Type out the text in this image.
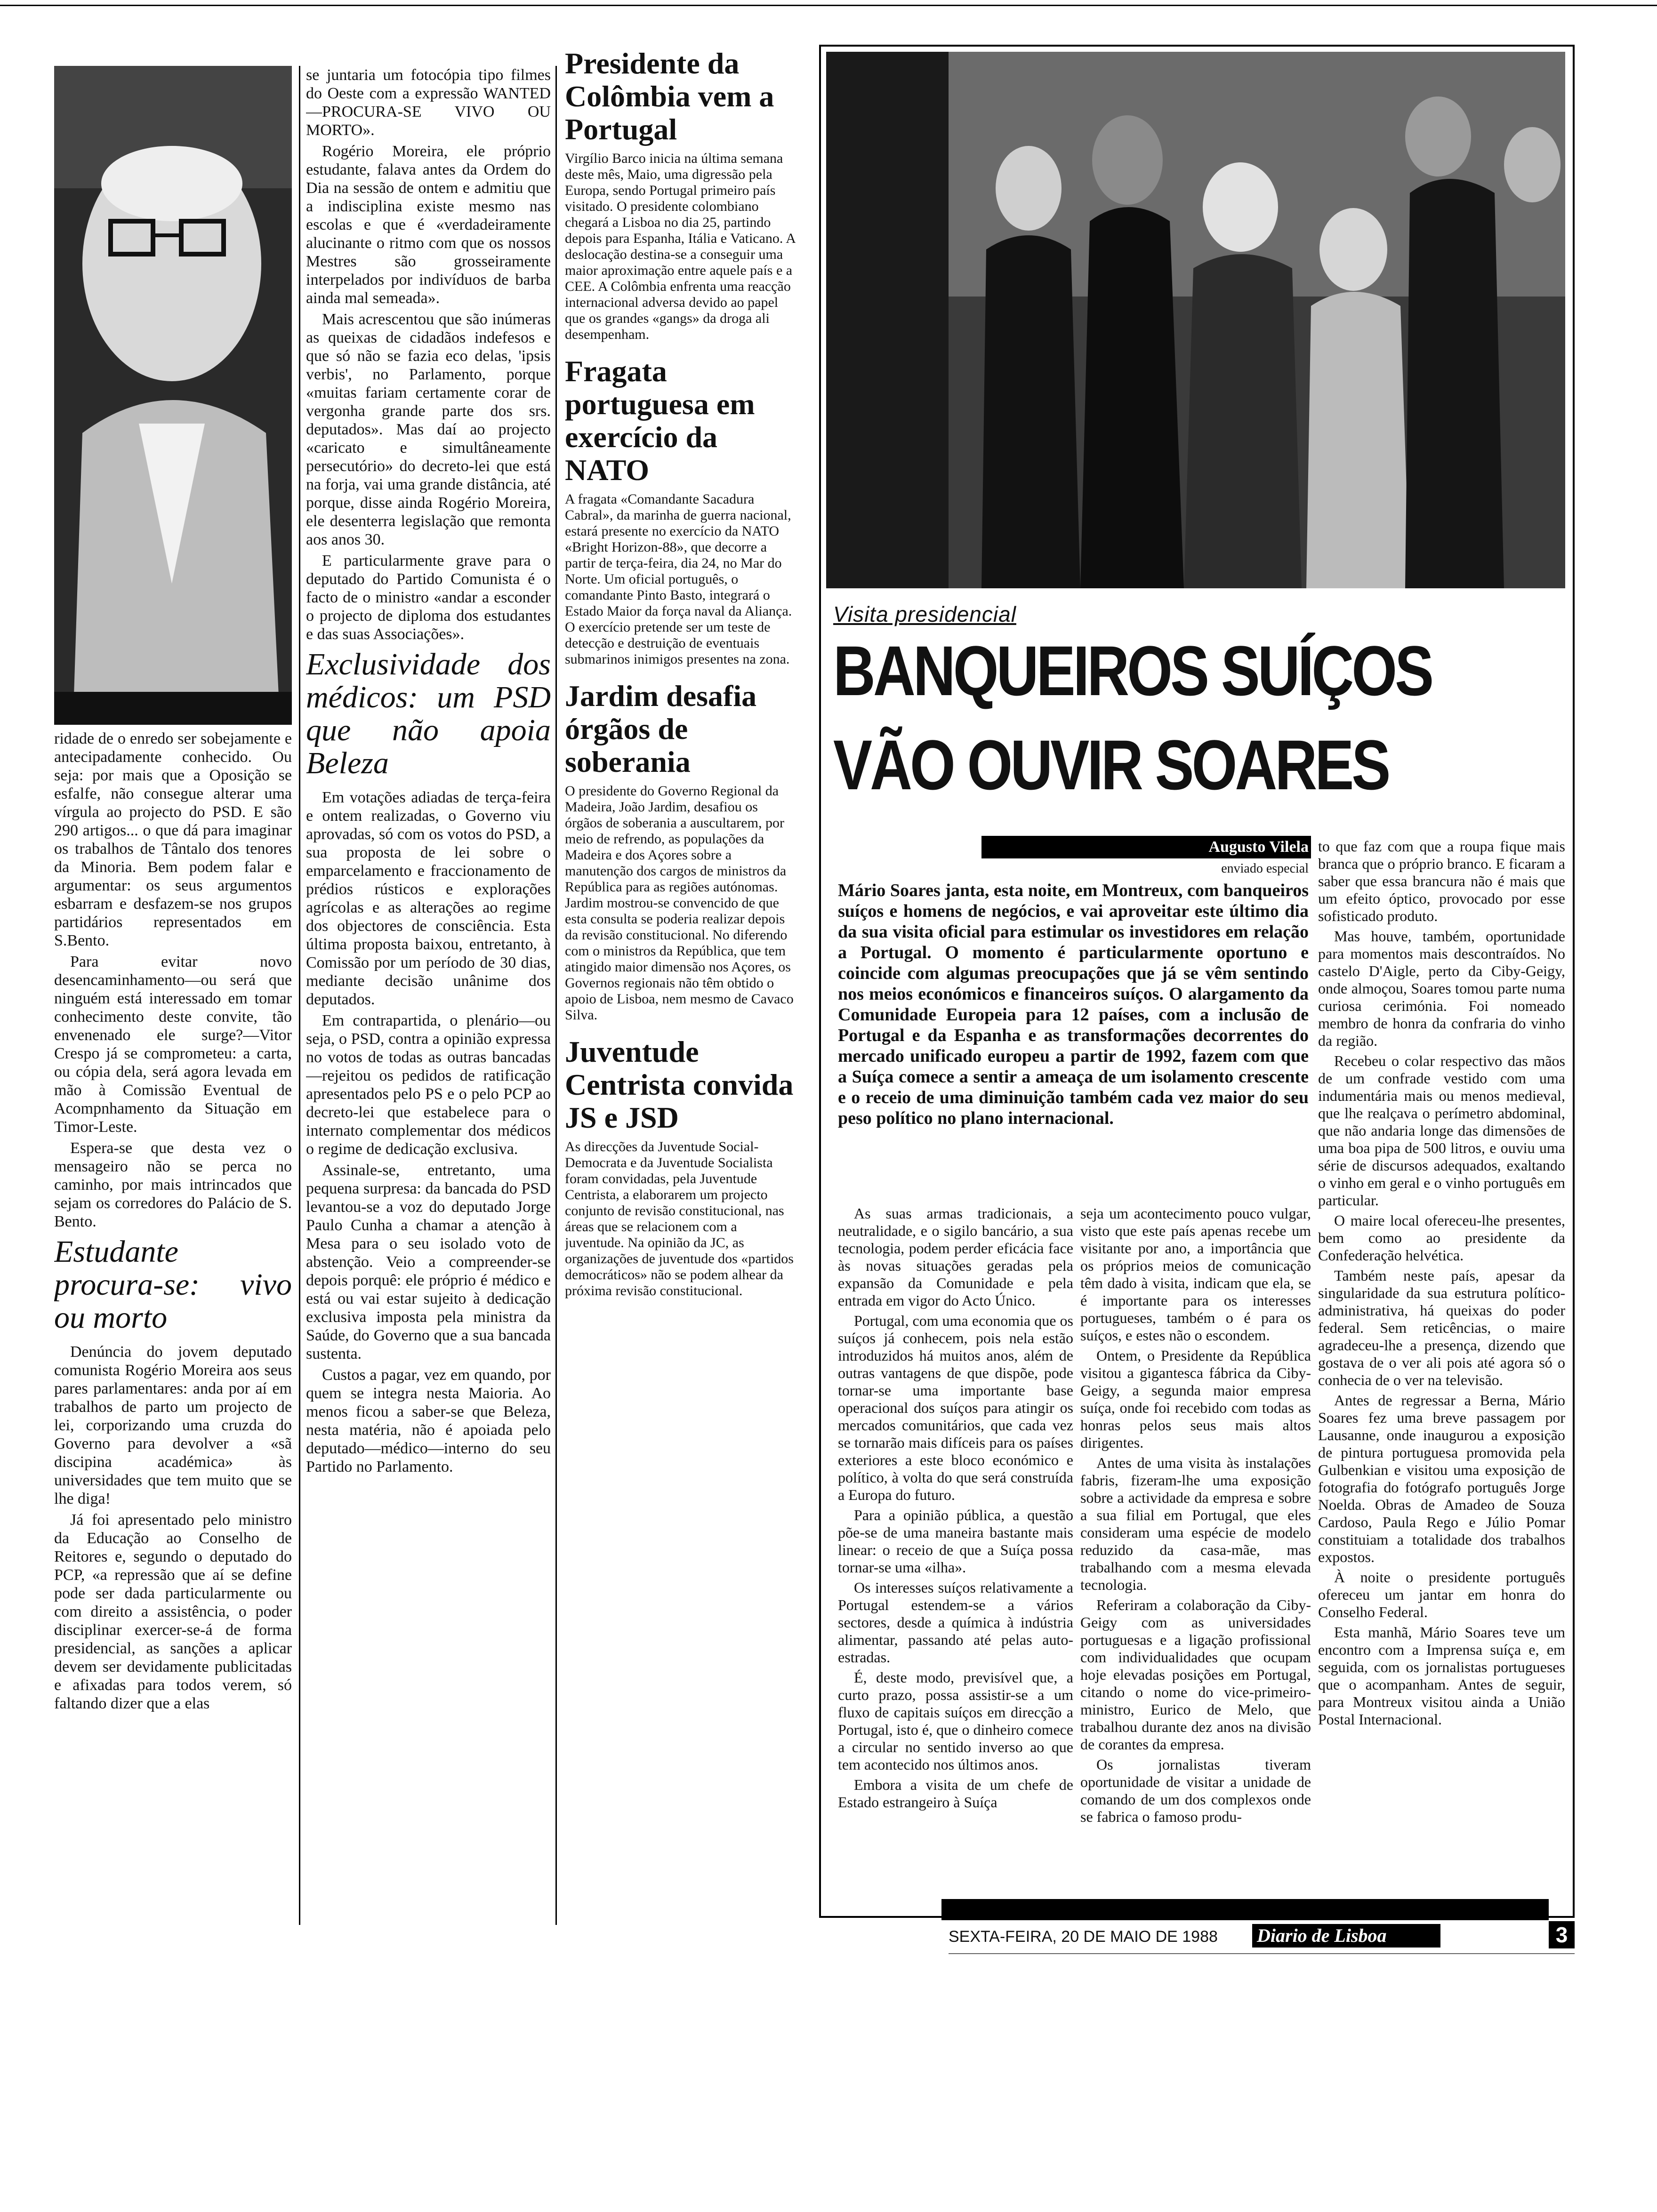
ridade de o enredo ser sobejamente e antecipadamente conhecido. Ou seja: por mais que a Oposição se esfalfe, não consegue alterar uma vírgula ao projecto do PSD. E são 290 artigos... o que dá para imaginar os trabalhos de Tântalo dos tenores da Minoria. Bem podem falar e argumentar: os seus argumentos esbarram e desfazem-se nos grupos partidários representados em S.Bento.

Para evitar novo desencaminhamento—ou será que ninguém está interessado em tomar conhecimento deste convite, tão envenenado ele surge?—Vitor Crespo já se comprometeu: a carta, ou cópia dela, será agora levada em mão à Comissão Eventual de Acompnhamento da Situação em Timor-Leste.

Espera-se que desta vez o mensageiro não se perca no caminho, por mais intrincados que sejam os corredores do Palácio de S. Bento.

Estudante procura-se: vivo ou morto

Denúncia do jovem deputado comunista Rogério Moreira aos seus pares parlamentares: anda por aí em trabalhos de parto um projecto de lei, corporizando uma cruzda do Governo para devolver a «sã discipina académica» às universidades que tem muito que se lhe diga!

Já foi apresentado pelo ministro da Educação ao Conselho de Reitores e, segundo o deputado do PCP, «a repressão que aí se define pode ser dada particularmente ou com direito a assistência, o poder disciplinar exercer-se-á de forma presidencial, as sanções a aplicar devem ser devidamente publicitadas e afixadas para todos verem, só faltando dizer que a elas

se juntaria um fotocópia tipo filmes do Oeste com a expressão WANTED—PROCURA-SE VIVO OU MORTO».

Rogério Moreira, ele próprio estudante, falava antes da Ordem do Dia na sessão de ontem e admitiu que a indisciplina existe mesmo nas escolas e que é «verdadeiramente alucinante o ritmo com que os nossos Mestres são grosseiramente interpelados por indivíduos de barba ainda mal semeada».

Mais acrescentou que são inúmeras as queixas de cidadãos indefesos e que só não se fazia eco delas, 'ipsis verbis', no Parlamento, porque «muitas fariam certamente corar de vergonha grande parte dos srs. deputados». Mas daí ao projecto «caricato e simultâneamente persecutório» do decreto-lei que está na forja, vai uma grande distância, até porque, disse ainda Rogério Moreira, ele desenterra legislação que remonta aos anos 30.

E particularmente grave para o deputado do Partido Comunista é o facto de o ministro «andar a esconder o projecto de diploma dos estudantes e das suas Associações».

Exclusividade dos médicos: um PSD que não apoia Beleza

Em votações adiadas de terça-feira e ontem realizadas, o Governo viu aprovadas, só com os votos do PSD, a sua proposta de lei sobre o emparcelamento e fraccionamento de prédios rústicos e explorações agrícolas e as alterações ao regime dos objectores de consciência. Esta última proposta baixou, entretanto, à Comissão por um período de 30 dias, mediante decisão unânime dos deputados.

Em contrapartida, o plenário—ou seja, o PSD, contra a opinião expressa no votos de todas as outras bancadas—rejeitou os pedidos de ratificação apresentados pelo PS e o pelo PCP ao decreto-lei que estabelece para o internato complementar dos médicos o regime de dedicação exclusiva.

Assinale-se, entretanto, uma pequena surpresa: da bancada do PSD levantou-se a voz do deputado Jorge Paulo Cunha a chamar a atenção à Mesa para o seu isolado voto de abstenção. Veio a compreender-se depois porquê: ele próprio é médico e está ou vai estar sujeito à dedicação exclusiva imposta pela ministra da Saúde, do Governo que a sua bancada sustenta.

Custos a pagar, vez em quando, por quem se integra nesta Maioria. Ao menos ficou a saber-se que Beleza, nesta matéria, não é apoiada pelo deputado—médico—interno do seu Partido no Parlamento.

Presidente da Colômbia vem a Portugal

Virgílio Barco inicia na última semana deste mês, Maio, uma digressão pela Europa, sendo Portugal primeiro país visitado. O presidente colombiano chegará a Lisboa no dia 25, partindo depois para Espanha, Itália e Vaticano. A deslocação destina-se a conseguir uma maior aproximação entre aquele país e a CEE. A Colômbia enfrenta uma reacção internacional adversa devido ao papel que os grandes «gangs» da droga ali desempenham.

Fragata portuguesa em exercício da NATO

A fragata «Comandante Sacadura Cabral», da marinha de guerra nacional, estará presente no exercício da NATO «Bright Horizon-88», que decorre a partir de terça-feira, dia 24, no Mar do Norte. Um oficial português, o comandante Pinto Basto, integrará o Estado Maior da força naval da Aliança. O exercício pretende ser um teste de detecção e destruição de eventuais submarinos inimigos presentes na zona.

Jardim desafia órgãos de soberania

O presidente do Governo Regional da Madeira, João Jardim, desafiou os órgãos de soberania a auscultarem, por meio de refrendo, as populações da Madeira e dos Açores sobre a manutenção dos cargos de ministros da República para as regiões autónomas. Jardim mostrou-se convencido de que esta consulta se poderia realizar depois da revisão constitucional. No diferendo com o ministros da República, que tem atingido maior dimensão nos Açores, os Governos regionais não têm obtido o apoio de Lisboa, nem mesmo de Cavaco Silva.

Juventude Centrista convida JS e JSD

As direcções da Juventude Social-Democrata e da Juventude Socialista foram convidadas, pela Juventude Centrista, a elaborarem um projecto conjunto de revisão constitucional, nas áreas que se relacionem com a juventude. Na opinião da JC, as organizações de juventude dos «partidos democráticos» não se podem alhear da próxima revisão constitucional.

Visita presidencial
BANQUEIROS SUÍÇOS
VÃO OUVIR SOARES
Augusto Vilela
enviado especial
Mário Soares janta, esta noite, em Montreux, com banqueiros suíços e homens de negócios, e vai aproveitar este último dia da sua visita oficial para estimular os investidores em relação a Portugal. O momento é particularmente oportuno e coincide com algumas preocupações que já se vêm sentindo nos meios económicos e financeiros suíços. O alargamento da Comunidade Europeia para 12 países, com a inclusão de Portugal e da Espanha e as transformações decorrentes do mercado unificado europeu a partir de 1992, fazem com que a Suíça comece a sentir a ameaça de um isolamento crescente e o receio de uma diminuição também cada vez maior do seu peso político no plano internacional.

As suas armas tradicionais, a neutralidade, e o sigilo bancário, a sua tecnologia, podem perder eficácia face às novas situações geradas pela expansão da Comunidade e pela entrada em vigor do Acto Único.

Portugal, com uma economia que os suíços já conhecem, pois nela estão introduzidos há muitos anos, além de outras vantagens de que dispõe, pode tornar-se uma importante base operacional dos suíços para atingir os mercados comunitários, que cada vez se tornarão mais difíceis para os países exteriores a este bloco económico e político, à volta do que será construída a Europa do futuro.

Para a opinião pública, a questão põe-se de uma maneira bastante mais linear: o receio de que a Suíça possa tornar-se uma «ilha».

Os interesses suíços relativamente a Portugal estendem-se a vários sectores, desde a química à indústria alimentar, passando até pelas auto-estradas.

É, deste modo, previsível que, a curto prazo, possa assistir-se a um fluxo de capitais suíços em direcção a Portugal, isto é, que o dinheiro comece a circular no sentido inverso ao que tem acontecido nos últimos anos.

Embora a visita de um chefe de Estado estrangeiro à Suíça

seja um acontecimento pouco vulgar, visto que este país apenas recebe um visitante por ano, a importância que os próprios meios de comunicação têm dado à visita, indicam que ela, se é importante para os interesses portugueses, também o é para os suíços, e estes não o escondem.

Ontem, o Presidente da República visitou a gigantesca fábrica da Ciby-Geigy, a segunda maior empresa suíça, onde foi recebido com todas as honras pelos seus mais altos dirigentes.

Antes de uma visita às instalações fabris, fizeram-lhe uma exposição sobre a actividade da empresa e sobre a sua filial em Portugal, que eles consideram uma espécie de modelo reduzido da casa-mãe, mas trabalhando com a mesma elevada tecnologia.

Referiram a colaboração da Ciby-Geigy com as universidades portuguesas e a ligação profissional com individualidades que ocupam hoje elevadas posições em Portugal, citando o nome do vice-primeiro-ministro, Eurico de Melo, que trabalhou durante dez anos na divisão de corantes da empresa.

Os jornalistas tiveram oportunidade de visitar a unidade de comando de um dos complexos onde se fabrica o famoso produ-

to que faz com que a roupa fique mais branca que o próprio branco. E ficaram a saber que essa brancura não é mais que um efeito óptico, provocado por esse sofisticado produto.

Mas houve, também, oportunidade para momentos mais descontraídos. No castelo D'Aigle, perto da Ciby-Geigy, onde almoçou, Soares tomou parte numa curiosa cerimónia. Foi nomeado membro de honra da confraria do vinho da região.

Recebeu o colar respectivo das mãos de um confrade vestido com uma indumentária mais ou menos medieval, que lhe realçava o perímetro abdominal, que não andaria longe das dimensões de uma boa pipa de 500 litros, e ouviu uma série de discursos adequados, exaltando o vinho em geral e o vinho português em particular.

O maire local ofereceu-lhe presentes, bem como ao presidente da Confederação helvética.

Também neste país, apesar da singularidade da sua estrutura político-administrativa, há queixas do poder federal. Sem reticências, o maire agradeceu-lhe a presença, dizendo que gostava de o ver ali pois até agora só o conhecia de o ver na televisão.

Antes de regressar a Berna, Mário Soares fez uma breve passagem por Lausanne, onde inaugurou a exposição de pintura portuguesa promovida pela Gulbenkian e visitou uma exposição de fotografia do fotógrafo português Jorge Noelda. Obras de Amadeo de Souza Cardoso, Paula Rego e Júlio Pomar constituiam a totalidade dos trabalhos expostos.

À noite o presidente português ofereceu um jantar em honra do Conselho Federal.

Esta manhã, Mário Soares teve um encontro com a Imprensa suíça e, em seguida, com os jornalistas portugueses que o acompanham. Antes de seguir, para Montreux visitou ainda a União Postal Internacional.

SEXTA-FEIRA, 20 DE MAIO DE 1988 Diario de Lisboa	3
